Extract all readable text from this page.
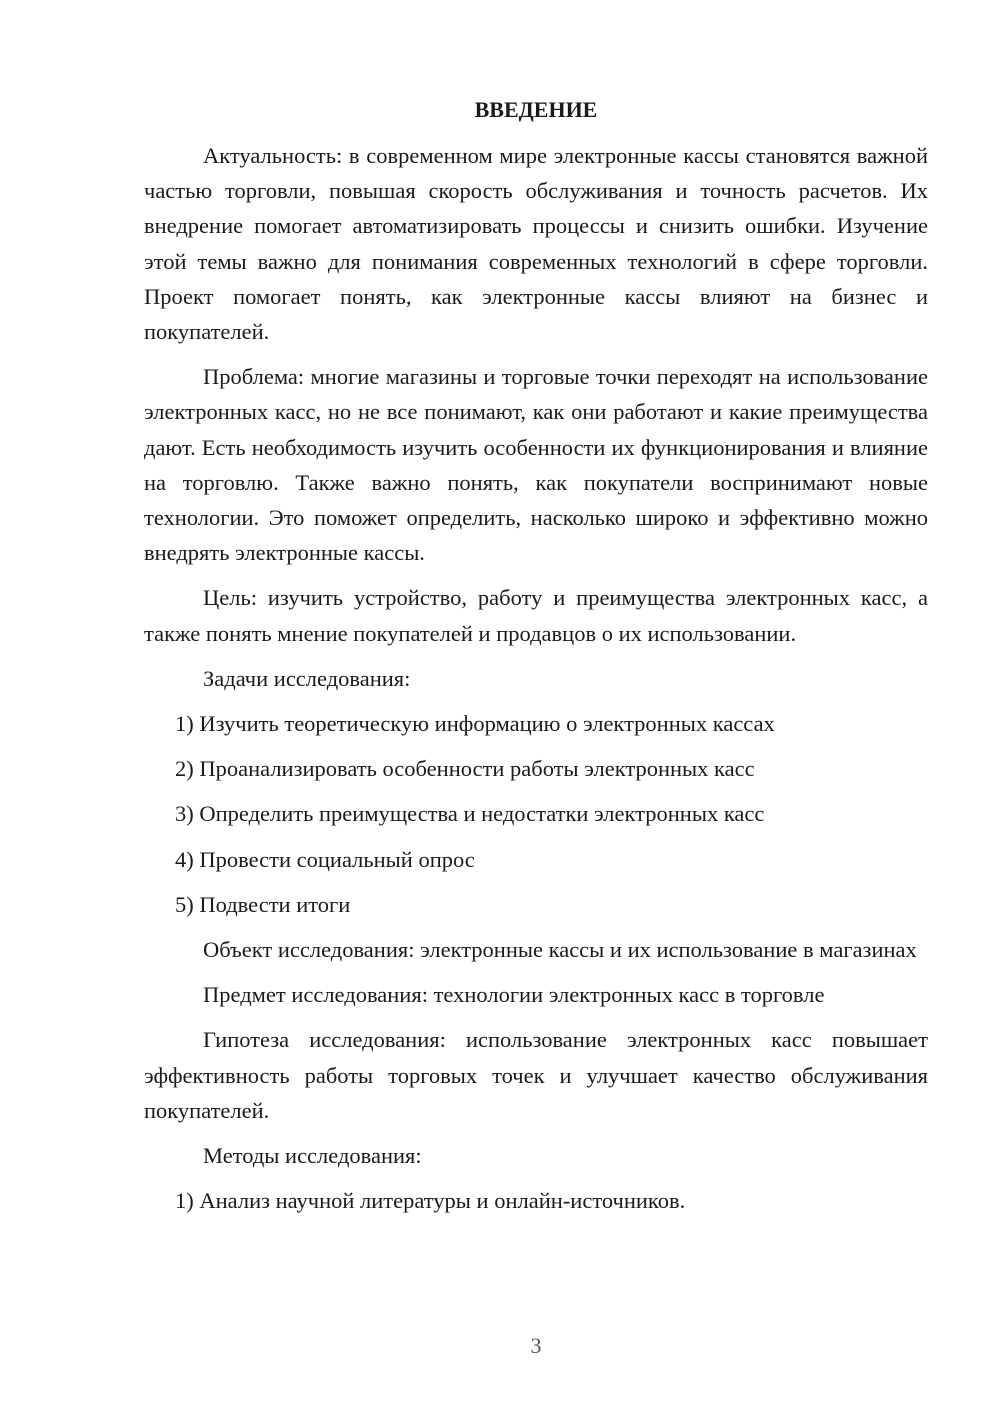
ВВЕДЕНИЕ

Актуальность: в современном мире электронные кассы становятся важной частью торговли, повышая скорость обслуживания и точность расчетов. Их внедрение помогает автоматизировать процессы и снизить ошибки. Изучение этой темы важно для понимания современных технологий в сфере торговли. Проект помогает понять, как электронные кассы влияют на бизнес и покупателей.

Проблема: многие магазины и торговые точки переходят на использование электронных касс, но не все понимают, как они работают и какие преимущества дают. Есть необходимость изучить особенности их функционирования и влияние на торговлю. Также важно понять, как покупатели воспринимают новые технологии. Это поможет определить, насколько широко и эффективно можно внедрять электронные кассы.

Цель: изучить устройство, работу и преимущества электронных касс, а также понять мнение покупателей и продавцов о их использовании.

Задачи исследования:

1) Изучить теоретическую информацию о электронных кассах

2) Проанализировать особенности работы электронных касс

3) Определить преимущества и недостатки электронных касс

4) Провести социальный опрос

5) Подвести итоги

Объект исследования: электронные кассы и их использование в магазинах

Предмет исследования: технологии электронных касс в торговле

Гипотеза исследования: использование электронных касс повышает эффективность работы торговых точек и улучшает качество обслуживания покупателей.

Методы исследования:

1) Анализ научной литературы и онлайн-источников.

3
